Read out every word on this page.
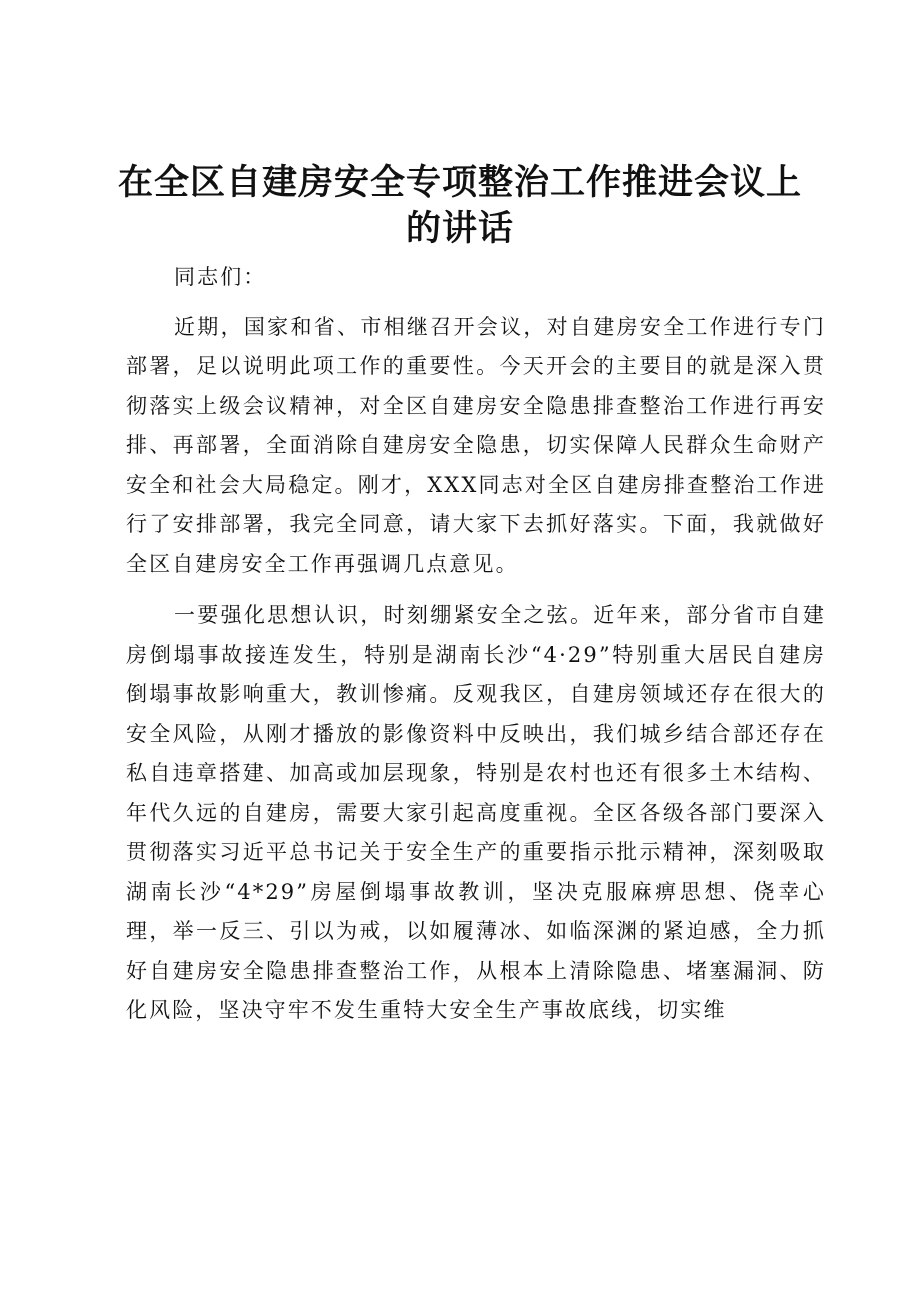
在全区自建房安全专项整治工作推进会议上
的讲话

同志们：

近期，国家和省、市相继召开会议，对自建房安全工作进行专门部署，足以说明此项工作的重要性。今天开会的主要目的就是深入贯彻落实上级会议精神，对全区自建房安全隐患排查整治工作进行再安排、再部署，全面消除自建房安全隐患，切实保障人民群众生命财产安全和社会大局稳定。刚才，XXX同志对全区自建房排查整治工作进行了安排部署，我完全同意，请大家下去抓好落实。下面，我就做好全区自建房安全工作再强调几点意见。

一要强化思想认识，时刻绷紧安全之弦。近年来，部分省市自建房倒塌事故接连发生，特别是湖南长沙“4·29”特别重大居民自建房倒塌事故影响重大，教训惨痛。反观我区，自建房领域还存在很大的安全风险，从刚才播放的影像资料中反映出，我们城乡结合部还存在私自违章搭建、加高或加层现象，特别是农村也还有很多土木结构、年代久远的自建房，需要大家引起高度重视。全区各级各部门要深入贯彻落实习近平总书记关于安全生产的重要指示批示精神，深刻吸取湖南长沙“4*29”房屋倒塌事故教训，坚决克服麻痹思想、侥幸心理，举一反三、引以为戒，以如履薄冰、如临深渊的紧迫感，全力抓好自建房安全隐患排查整治工作，从根本上清除隐患、堵塞漏洞、防化风险，坚决守牢不发生重特大安全生产事故底线，切实维
